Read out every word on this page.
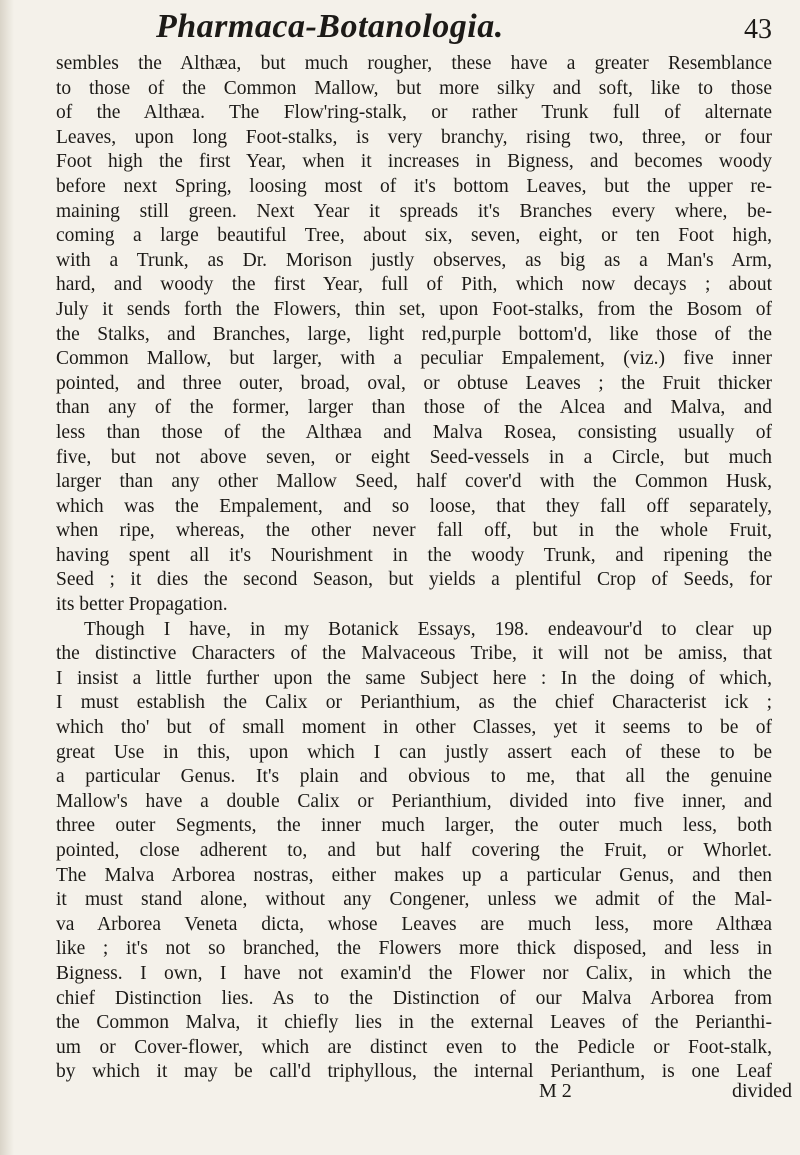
Pharmaca-Botanologia.	43
sembles the Althæa, but much rougher, these have a greater Resemblance
to those of the Common Mallow, but more silky and soft, like to those
of the Althæa. The Flow'ring-stalk, or rather Trunk full of alternate
Leaves, upon long Foot-stalks, is very branchy, rising two, three, or four
Foot high the first Year, when it increases in Bigness, and becomes woody
before next Spring, loosing most of it's bottom Leaves, but the upper re-
maining still green. Next Year it spreads it's Branches every where, be-
coming a large beautiful Tree, about six, seven, eight, or ten Foot high,
with a Trunk, as Dr. Morison justly observes, as big as a Man's Arm,
hard, and woody the first Year, full of Pith, which now decays ; about
July it sends forth the Flowers, thin set, upon Foot-stalks, from the Bosom of
the Stalks, and Branches, large, light red,purple bottom'd, like those of the
Common Mallow, but larger, with a peculiar Empalement, (viz.) five inner
pointed, and three outer, broad, oval, or obtuse Leaves ; the Fruit thicker
than any of the former, larger than those of the Alcea and Malva, and
less than those of the Althæa and Malva Rosea, consisting usually of
five, but not above seven, or eight Seed-vessels in a Circle, but much
larger than any other Mallow Seed, half cover'd with the Common Husk,
which was the Empalement, and so loose, that they fall off separately,
when ripe, whereas, the other never fall off, but in the whole Fruit,
having spent all it's Nourishment in the woody Trunk, and ripening the
Seed ; it dies the second Season, but yields a plentiful Crop of Seeds, for
its better Propagation.
Though I have, in my Botanick Essays, 198. endeavour'd to clear up
the distinctive Characters of the Malvaceous Tribe, it will not be amiss, that
I insist a little further upon the same Subject here : In the doing of which,
I must establish the Calix or Perianthium, as the chief Characterist ick ;
which tho' but of small moment in other Classes, yet it seems to be of
great Use in this, upon which I can justly assert each of these to be
a particular Genus. It's plain and obvious to me, that all the genuine
Mallow's have a double Calix or Perianthium, divided into five inner, and
three outer Segments, the inner much larger, the outer much less, both
pointed, close adherent to, and but half covering the Fruit, or Whorlet.
The Malva Arborea nostras, either makes up a particular Genus, and then
it must stand alone, without any Congener, unless we admit of the Mal-
va Arborea Veneta dicta, whose Leaves are much less, more Althæa
like ; it's not so branched, the Flowers more thick disposed, and less in
Bigness. I own, I have not examin'd the Flower nor Calix, in which the
chief Distinction lies. As to the Distinction of our Malva Arborea from
the Common Malva, it chiefly lies in the external Leaves of the Perianthi-
um or Cover-flower, which are distinct even to the Pedicle or Foot-stalk,
by which it may be call'd triphyllous, the internal Perianthum, is one Leaf
M 2	divided
